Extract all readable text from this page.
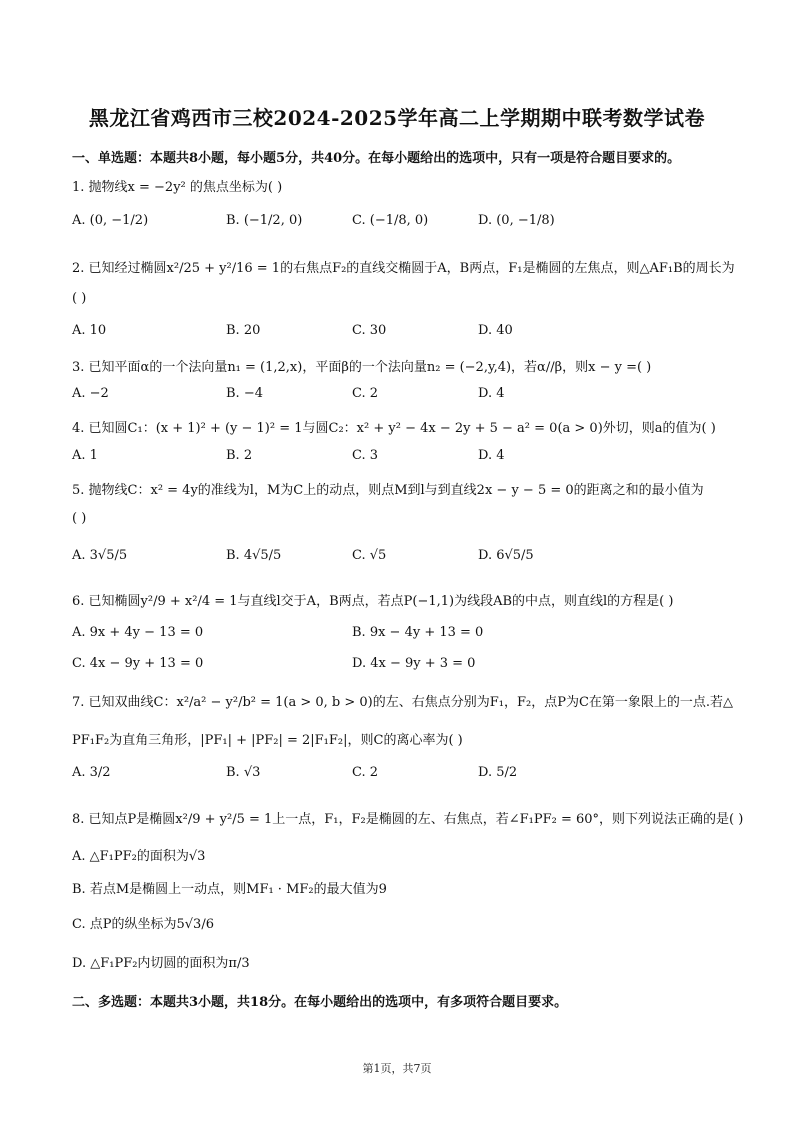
黑龙江省鸡西市三校2024-2025学年高二上学期期中联考数学试卷
一、单选题：本题共8小题，每小题5分，共40分。在每小题给出的选项中，只有一项是符合题目要求的。
1. 抛物线x = −2y² 的焦点坐标为( )
A. (0, −1/2)	B. (−1/2, 0)	C. (−1/8, 0)	D. (0, −1/8)
2. 已知经过椭圆x²/25 + y²/16 = 1的右焦点F₂的直线交椭圆于A，B两点，F₁是椭圆的左焦点，则△AF₁B的周长为
( )
A. 10	B. 20	C. 30	D. 40
3. 已知平面α的一个法向量n₁ = (1,2,x)，平面β的一个法向量n₂ = (−2,y,4)，若α//β，则x − y =( )
A. −2	B. −4	C. 2	D. 4
4. 已知圆C₁：(x + 1)² + (y − 1)² = 1与圆C₂：x² + y² − 4x − 2y + 5 − a² = 0(a > 0)外切，则a的值为( )
A. 1	B. 2	C. 3	D. 4
5. 抛物线C：x² = 4y的准线为l，M为C上的动点，则点M到l与到直线2x − y − 5 = 0的距离之和的最小值为
( )
A. 3√5/5	B. 4√5/5	C. √5	D. 6√5/5
6. 已知椭圆y²/9 + x²/4 = 1与直线l交于A，B两点，若点P(−1,1)为线段AB的中点，则直线l的方程是( )
A. 9x + 4y − 13 = 0	B. 9x − 4y + 13 = 0
C. 4x − 9y + 13 = 0	D. 4x − 9y + 3 = 0
7. 已知双曲线C：x²/a² − y²/b² = 1(a > 0, b > 0)的左、右焦点分别为F₁，F₂，点P为C在第一象限上的一点.若△
PF₁F₂为直角三角形，|PF₁| + |PF₂| = 2|F₁F₂|，则C的离心率为( )
A. 3/2	B. √3	C. 2	D. 5/2
8. 已知点P是椭圆x²/9 + y²/5 = 1上一点，F₁，F₂是椭圆的左、右焦点，若∠F₁PF₂ = 60°，则下列说法正确的是( )
A. △F₁PF₂的面积为√3
B. 若点M是椭圆上一动点，则MF₁ · MF₂的最大值为9
C. 点P的纵坐标为5√3/6
D. △F₁PF₂内切圆的面积为π/3
二、多选题：本题共3小题，共18分。在每小题给出的选项中，有多项符合题目要求。
第1页，共7页
